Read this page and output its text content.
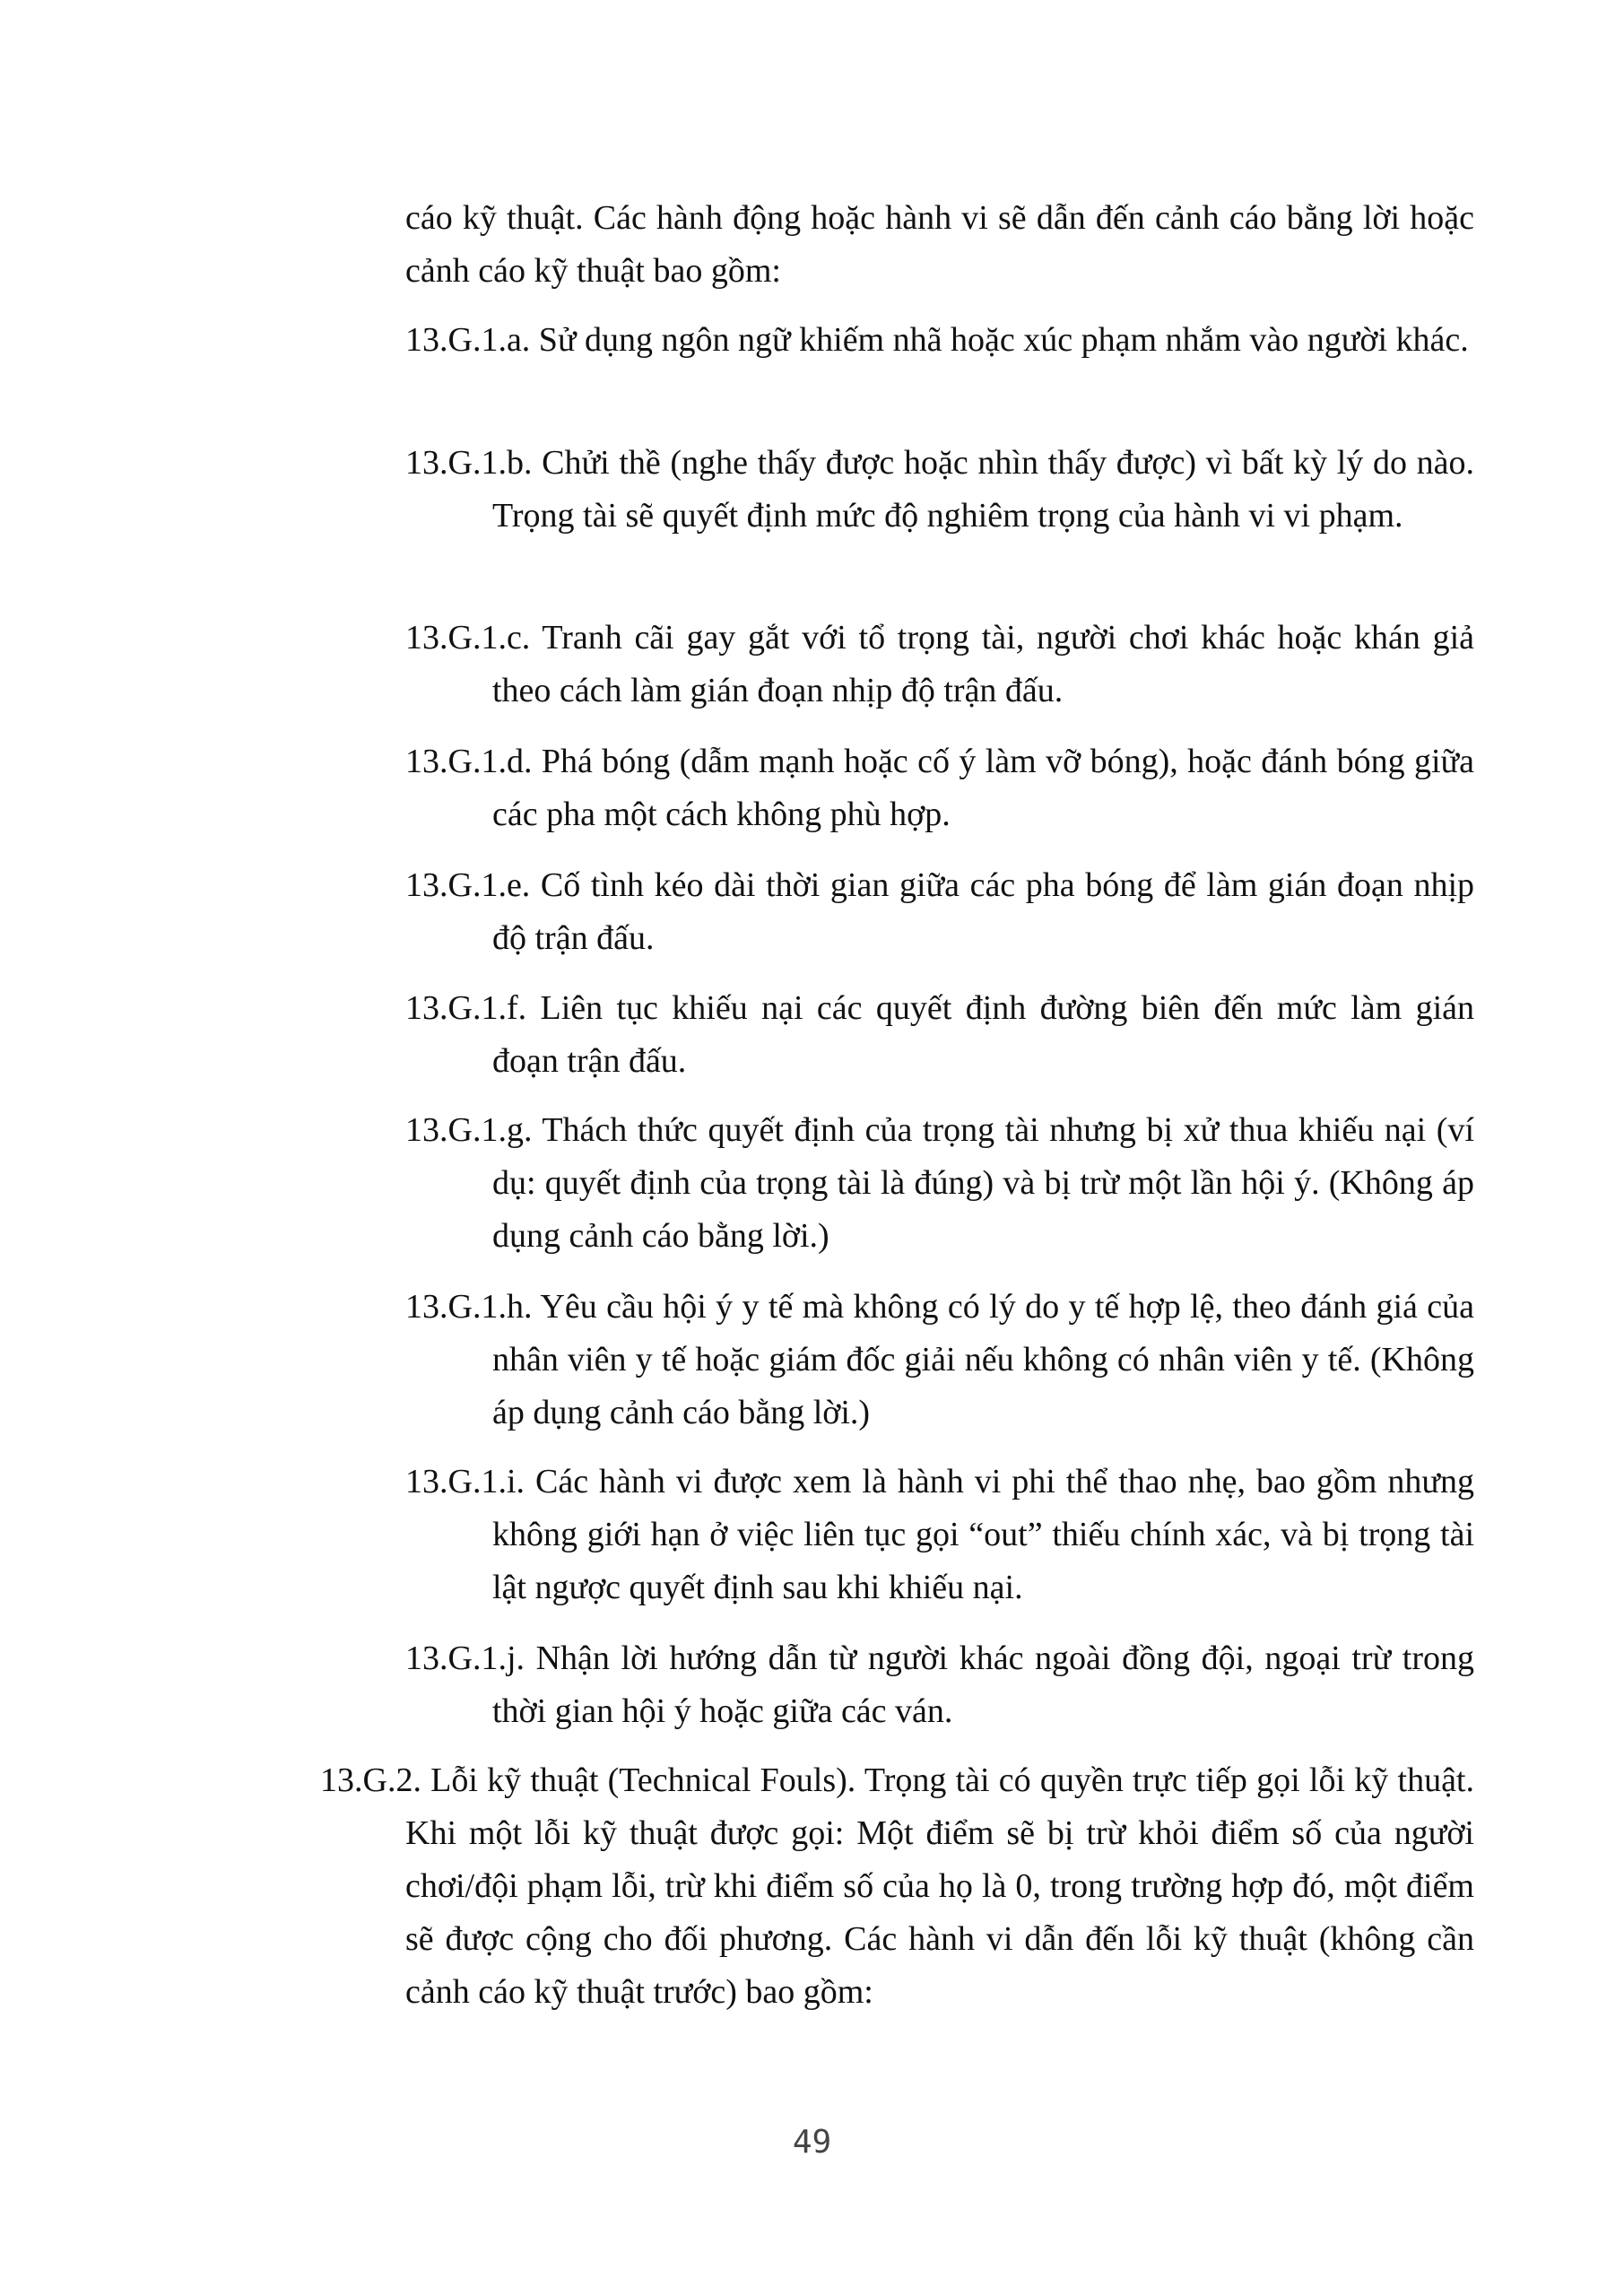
cáo kỹ thuật. Các hành động hoặc hành vi sẽ dẫn đến cảnh cáo bằng lời hoặc cảnh cáo kỹ thuật bao gồm:
13.G.1.a. Sử dụng ngôn ngữ khiếm nhã hoặc xúc phạm nhắm vào người khác.
13.G.1.b. Chửi thề (nghe thấy được hoặc nhìn thấy được) vì bất kỳ lý do nào. Trọng tài sẽ quyết định mức độ nghiêm trọng của hành vi vi phạm.
13.G.1.c. Tranh cãi gay gắt với tổ trọng tài, người chơi khác hoặc khán giả theo cách làm gián đoạn nhịp độ trận đấu.
13.G.1.d. Phá bóng (dẫm mạnh hoặc cố ý làm vỡ bóng), hoặc đánh bóng giữa các pha một cách không phù hợp.
13.G.1.e. Cố tình kéo dài thời gian giữa các pha bóng để làm gián đoạn nhịp độ trận đấu.
13.G.1.f. Liên tục khiếu nại các quyết định đường biên đến mức làm gián đoạn trận đấu.
13.G.1.g. Thách thức quyết định của trọng tài nhưng bị xử thua khiếu nại (ví dụ: quyết định của trọng tài là đúng) và bị trừ một lần hội ý. (Không áp dụng cảnh cáo bằng lời.)
13.G.1.h. Yêu cầu hội ý y tế mà không có lý do y tế hợp lệ, theo đánh giá của nhân viên y tế hoặc giám đốc giải nếu không có nhân viên y tế. (Không áp dụng cảnh cáo bằng lời.)
13.G.1.i. Các hành vi được xem là hành vi phi thể thao nhẹ, bao gồm nhưng không giới hạn ở việc liên tục gọi “out” thiếu chính xác, và bị trọng tài lật ngược quyết định sau khi khiếu nại.
13.G.1.j. Nhận lời hướng dẫn từ người khác ngoài đồng đội, ngoại trừ trong thời gian hội ý hoặc giữa các ván.
13.G.2. Lỗi kỹ thuật (Technical Fouls). Trọng tài có quyền trực tiếp gọi lỗi kỹ thuật. Khi một lỗi kỹ thuật được gọi: Một điểm sẽ bị trừ khỏi điểm số của người chơi/đội phạm lỗi, trừ khi điểm số của họ là 0, trong trường hợp đó, một điểm sẽ được cộng cho đối phương. Các hành vi dẫn đến lỗi kỹ thuật (không cần cảnh cáo kỹ thuật trước) bao gồm:
49
